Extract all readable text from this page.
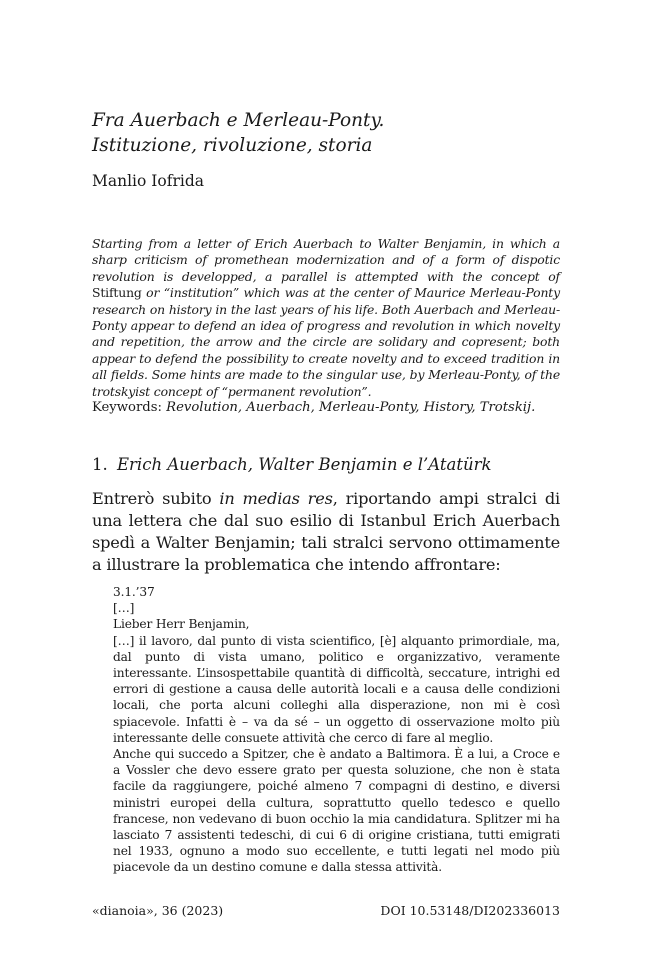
Fra Auerbach e Merleau-Ponty.
Istituzione, rivoluzione, storia
Manlio Iofrida
Starting from a letter of Erich Auerbach to Walter Benjamin, in which a sharp criticism of promethean modernization and of a form of dispotic revolution is developped, a parallel is attempted with the concept of Stiftung or “institution” which was at the center of Maurice Merleau-Ponty research on history in the last years of his life. Both Auerbach and Merleau-Ponty appear to defend an idea of progress and revolution in which novelty and repetition, the arrow and the circle are solidary and copresent; both appear to defend the possibility to create novelty and to exceed tradition in all fields. Some hints are made to the singular use, by Merleau-Ponty, of the trotskyist concept of “permanent revolution”.
Keywords: Revolution, Auerbach, Merleau-Ponty, History, Trotskij.
1. Erich Auerbach, Walter Benjamin e l’Atatürk
Entrerò subito in medias res, riportando ampi stralci di una lettera che dal suo esilio di Istanbul Erich Auerbach spedì a Walter Benjamin; tali stralci servono ottimamente a illustrare la problematica che intendo affrontare:
3.1.’37
[…]
Lieber Herr Benjamin,

[…] il lavoro, dal punto di vista scientifico, [è] alquanto primordiale, ma, dal punto di vista umano, politico e organizzativo, veramente interessante. L’insospettabile quantità di difficoltà, seccature, intrighi ed errori di gestione a causa delle autorità locali e a causa delle condizioni locali, che porta alcuni colleghi alla disperazione, non mi è così spiacevole. Infatti è – va da sé – un oggetto di osservazione molto più interessante delle consuete attività che cerco di fare al meglio.

Anche qui succedo a Spitzer, che è andato a Baltimora. È a lui, a Croce e a Vossler che devo essere grato per questa soluzione, che non è stata facile da raggiungere, poiché almeno 7 compagni di destino, e diversi ministri europei della cultura, soprattutto quello tedesco e quello francese, non vedevano di buon occhio la mia candidatura. Splitzer mi ha lasciato 7 assistenti tedeschi, di cui 6 di origine cristiana, tutti emigrati nel 1933, ognuno a modo suo eccellente, e tutti legati nel modo più piacevole da un destino comune e dalla stessa attività.

«dianoia», 36 (2023)	DOI 10.53148/DI202336013
